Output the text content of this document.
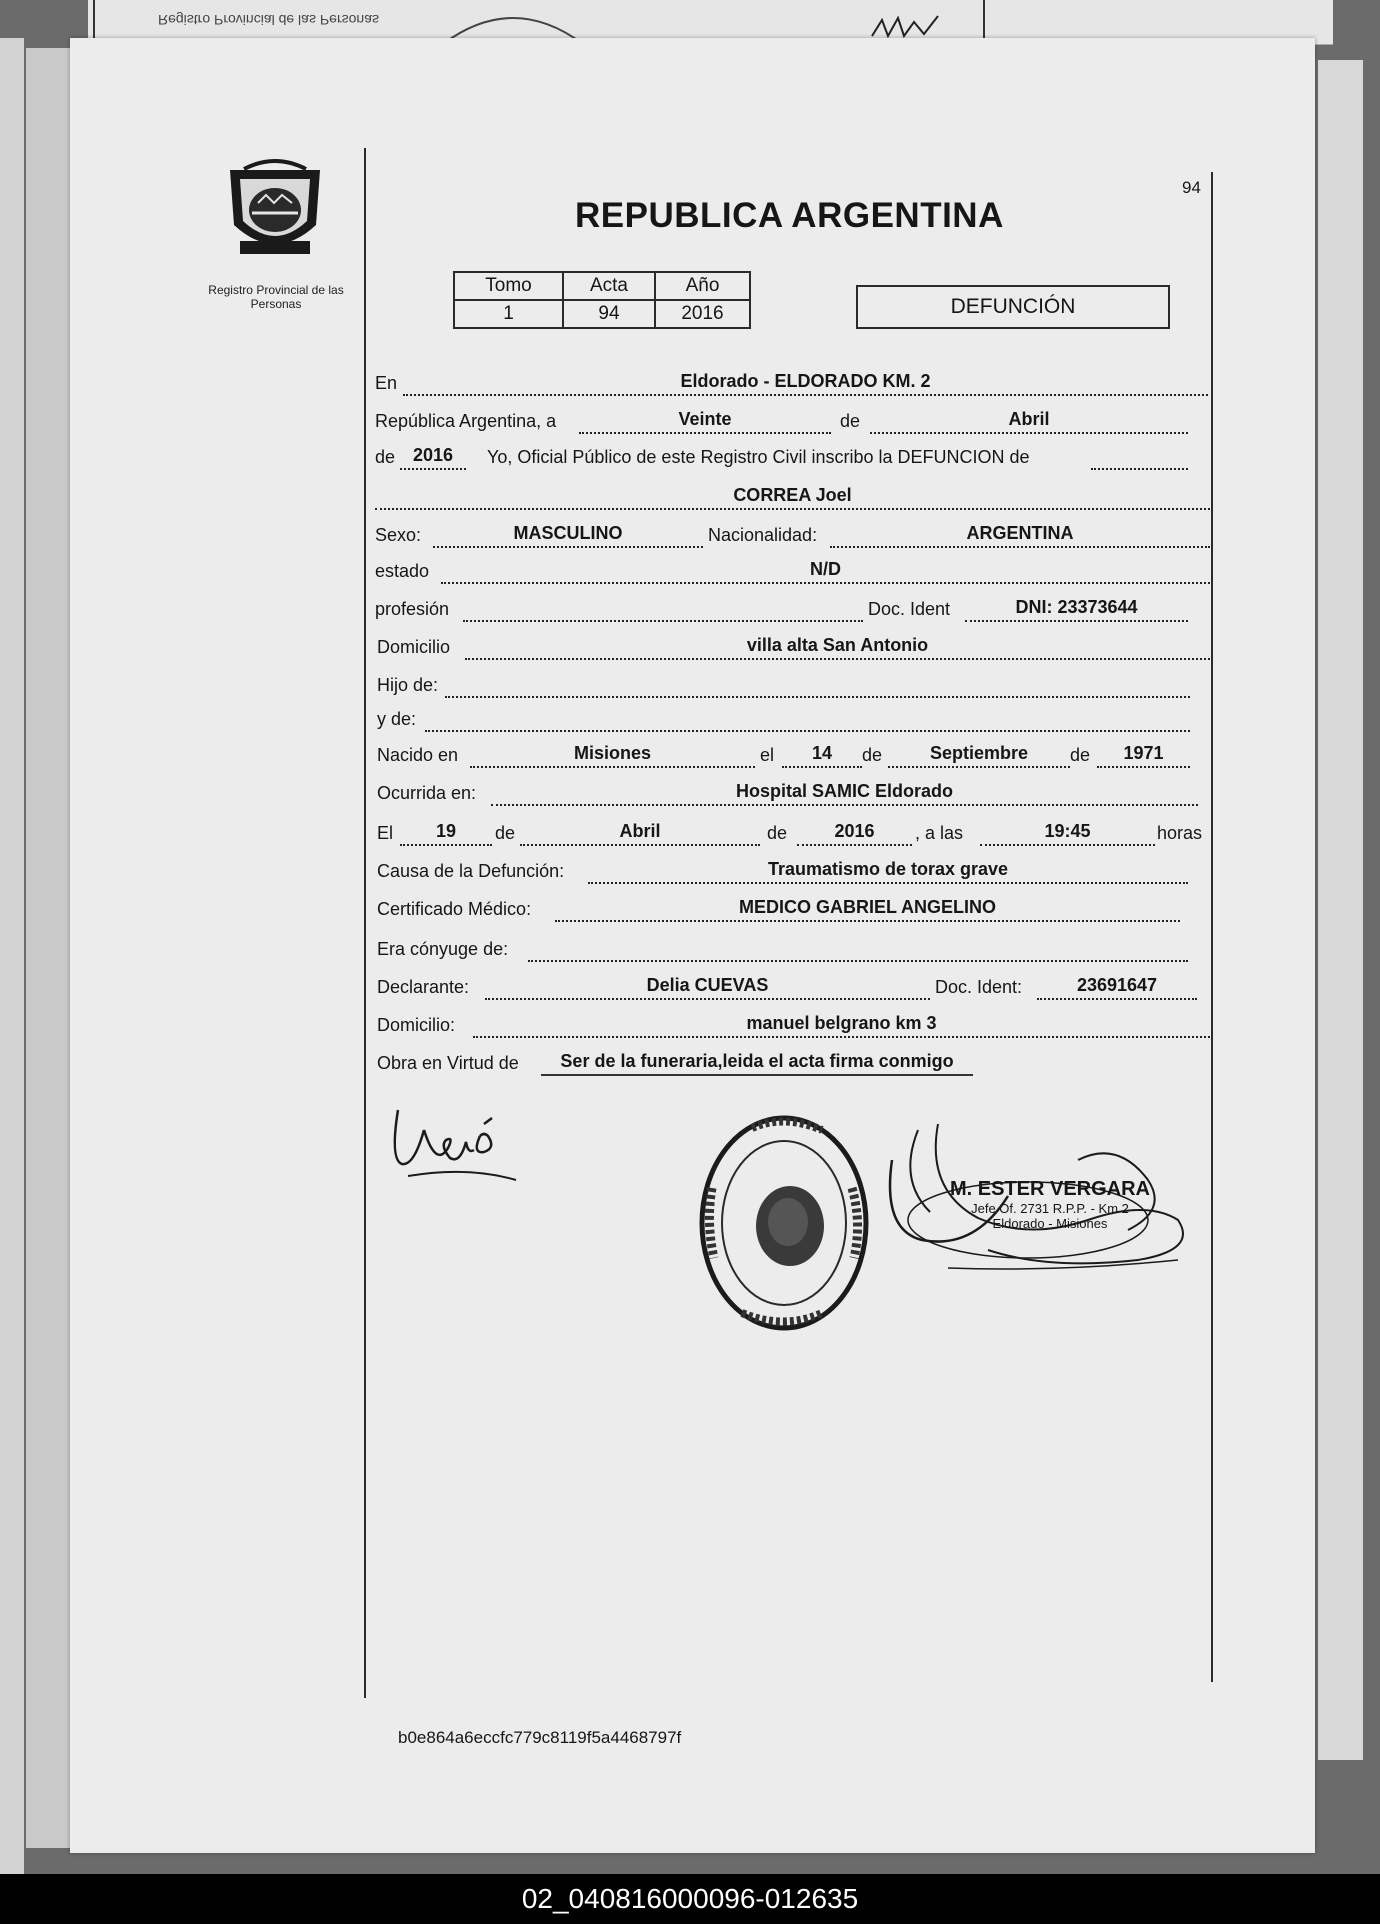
Registro Provincial de las Personas
Registro Provincial de las Personas
94
REPUBLICA ARGENTINA
Tomo	Acta	Año
1	94	2016	DEFUNCIÓN
En	Eldorado - ELDORADO KM. 2
República Argentina, a	Veinte	de	Abril
de 2016	Yo, Oficial Público de este Registro Civil inscribo la DEFUNCION de
CORREA Joel
Sexo:	MASCULINO	Nacionalidad:	ARGENTINA
estado	N/D
profesión	Doc. Ident	DNI: 23373644
Domicilio	villa alta San Antonio
Hijo de:
y de:
Nacido en	Misiones	el	14	de	Septiembre	de	1971
Ocurrida en:	Hospital SAMIC Eldorado
El	19	de	Abril	de	2016	, a las	19:45	horas
Causa de la Defunción:	Traumatismo de torax grave
Certificado Médico:	MEDICO GABRIEL ANGELINO
Era cónyuge de:
Declarante:	Delia CUEVAS	Doc. Ident:	23691647
Domicilio:	manuel belgrano km 3
Obra en Virtud de	Ser de la funeraria,leida el acta firma conmigo
M. ESTER VERGARA
Jefe Of. 2731 R.P.P. - Km 2
Eldorado - Misiones
b0e864a6eccfc779c8119f5a4468797f
02_040816000096-012635
